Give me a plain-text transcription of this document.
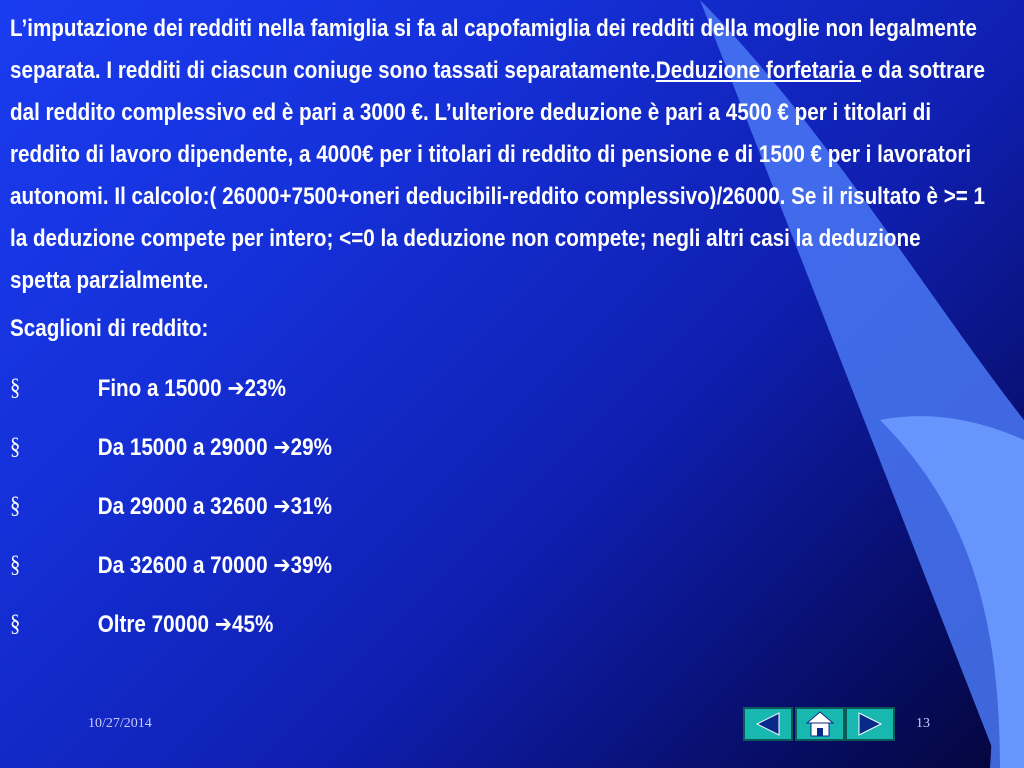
L’imputazione dei redditi nella famiglia si fa al capofamiglia dei redditi della moglie non legalmente separata. I redditi di ciascun coniuge sono tassati separatamente.Deduzione forfetaria e da sottrare dal reddito complessivo ed è pari a 3000 €. L’ulteriore deduzione è pari a 4500 € per i titolari di reddito di lavoro dipendente, a 4000€ per i titolari di reddito di pensione e di 1500 € per i lavoratori autonomi. Il calcolo:( 26000+7500+oneri deducibili-reddito complessivo)/26000. Se il risultato è >= 1 la deduzione compete per intero; <=0 la deduzione non compete; negli altri casi la deduzione spetta parzialmente.

Scaglioni di reddito:
§	Fino a 15000 ➔23%
§	Da 15000 a 29000 ➔29%
§	Da 29000 a 32600 ➔31%
§	Da 32600 a 70000 ➔39%
§	Oltre 70000 ➔45%
10/27/2014	13
